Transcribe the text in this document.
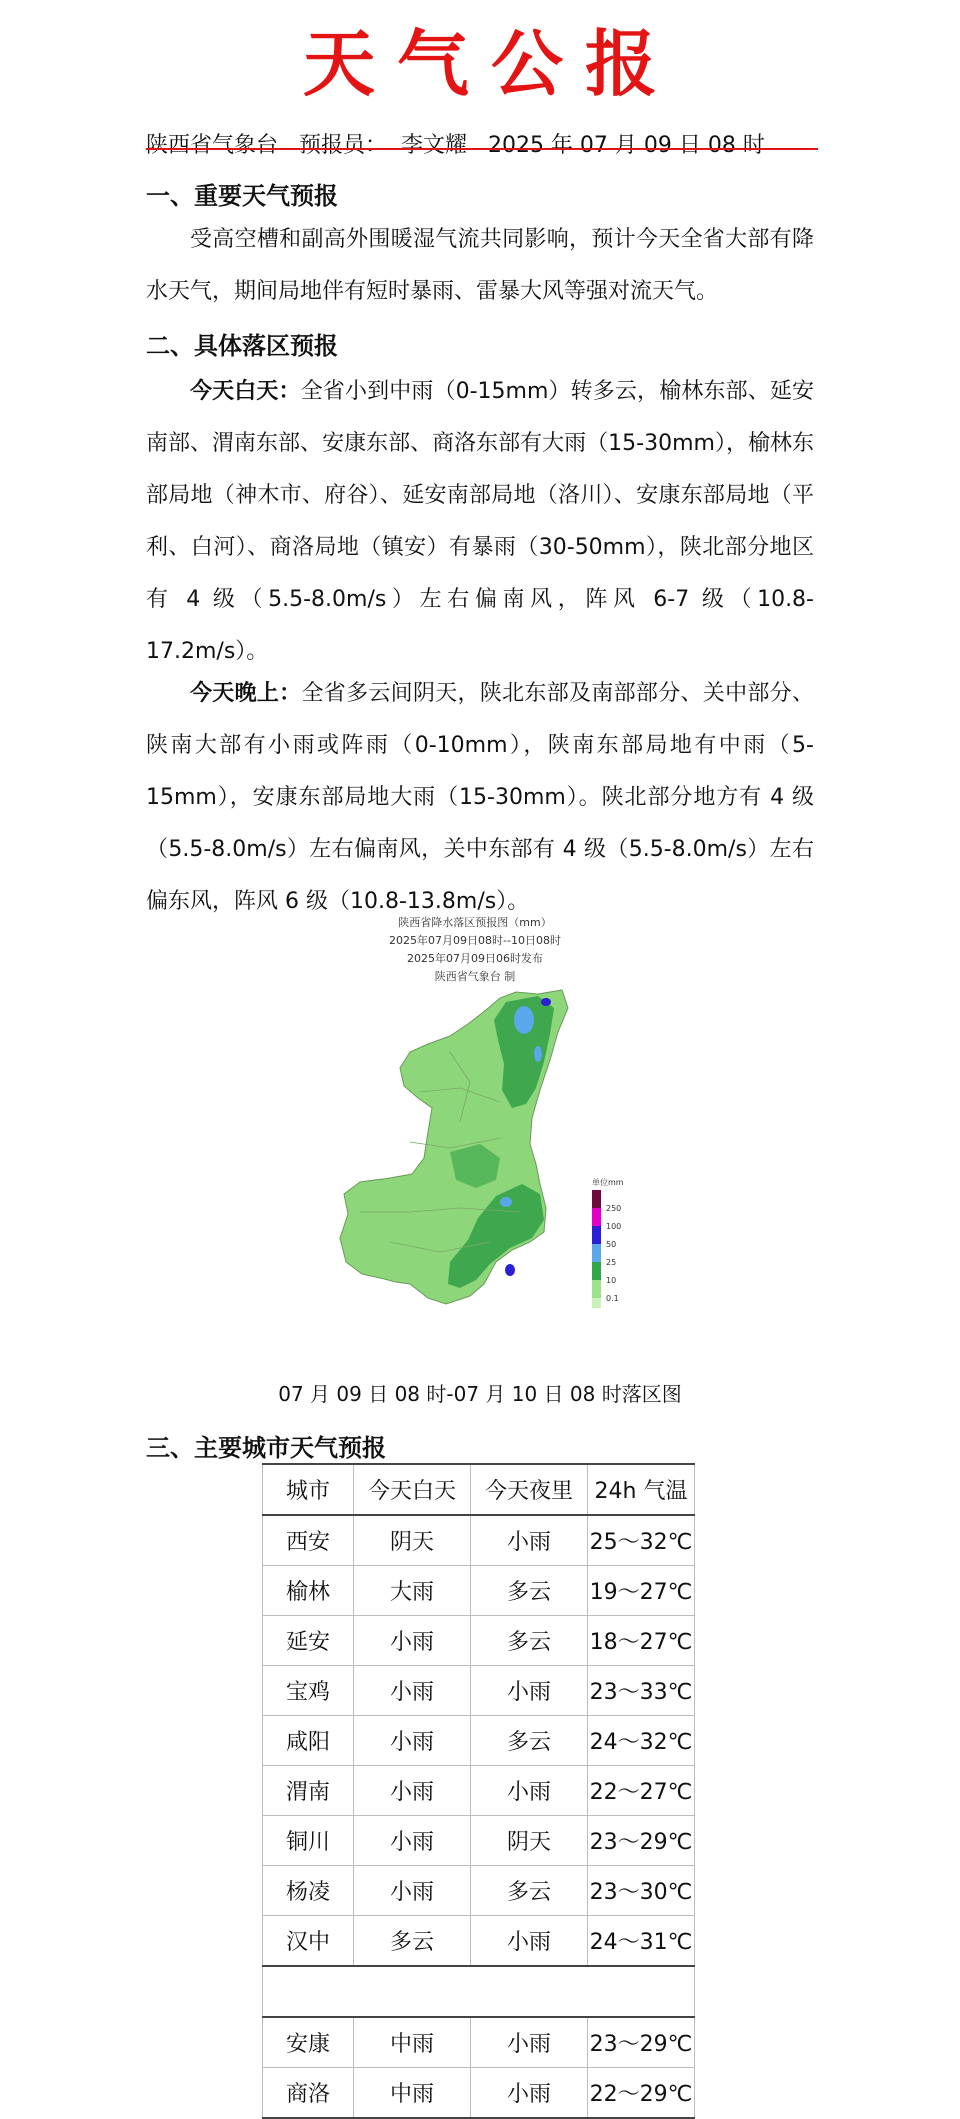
天气公报
陕西省气象台   预报员：  李文耀   2025 年 07 月 09 日 08 时
一、重要天气预报
受高空槽和副高外围暖湿气流共同影响，预计今天全省大部有降水天气，期间局地伴有短时暴雨、雷暴大风等强对流天气。
二、具体落区预报
今天白天：全省小到中雨（0-15mm）转多云，榆林东部、延安南部、渭南东部、安康东部、商洛东部有大雨（15-30mm），榆林东部局地（神木市、府谷）、延安南部局地（洛川）、安康东部局地（平利、白河）、商洛局地（镇安）有暴雨（30-50mm），陕北部分地区有 4 级（5.5-8.0m/s）左右偏南风，阵风 6-7 级（10.8-17.2m/s）。
今天晚上：全省多云间阴天，陕北东部及南部部分、关中部分、陕南大部有小雨或阵雨（0-10mm），陕南东部局地有中雨（5-15mm），安康东部局地大雨（15-30mm）。陕北部分地方有 4 级（5.5-8.0m/s）左右偏南风，关中东部有 4 级（5.5-8.0m/s）左右偏东风，阵风 6 级（10.8-13.8m/s）。
陕西省降水落区预报图（mm）
2025年07月09日08时--10日08时
2025年07月09日06时发布
陕西省气象台 制
单位mm
250
100
50
25
10
0.1
07 月 09 日 08 时-07 月 10 日 08 时落区图
三、主要城市天气预报
城市	今天白天	今天夜里	24h 气温
西安	阴天	小雨	25～32℃
榆林	大雨	多云	19～27℃
延安	小雨	多云	18～27℃
宝鸡	小雨	小雨	23～33℃
咸阳	小雨	多云	24～32℃
渭南	小雨	小雨	22～27℃
铜川	小雨	阴天	23～29℃
杨凌	小雨	多云	23～30℃
汉中	多云	小雨	24～31℃

安康	中雨	小雨	23～29℃
商洛	中雨	小雨	22～29℃
